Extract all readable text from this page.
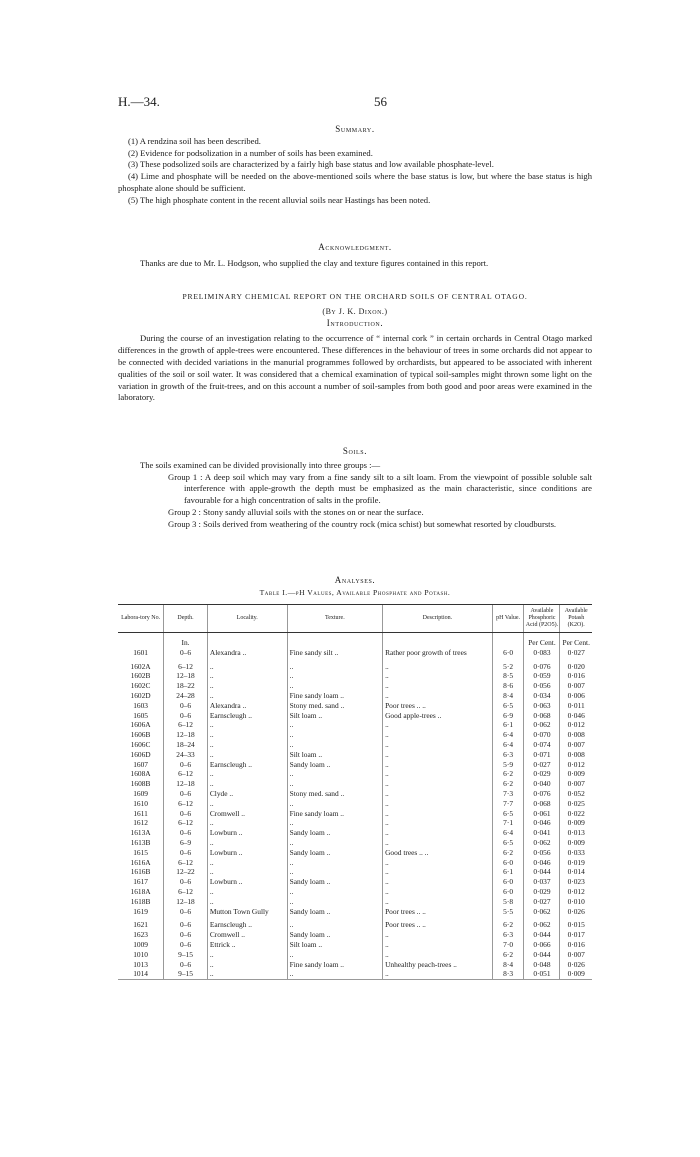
H.—34.	56
Summary.
(1) A rendzina soil has been described.
(2) Evidence for podsolization in a number of soils has been examined.
(3) These podsolized soils are characterized by a fairly high base status and low available phosphate-level.
(4) Lime and phosphate will be needed on the above-mentioned soils where the base status is low, but where the base status is high phosphate alone should be sufficient.
(5) The high phosphate content in the recent alluvial soils near Hastings has been noted.
Acknowledgment.

Thanks are due to Mr. L. Hodgson, who supplied the clay and texture figures contained in this report.

PRELIMINARY CHEMICAL REPORT ON THE ORCHARD SOILS OF CENTRAL OTAGO.
(By J. K. Dixon.)
Introduction.

During the course of an investigation relating to the occurrence of “ internal cork ” in certain orchards in Central Otago marked differences in the growth of apple-trees were encountered. These differences in the behaviour of trees in some orchards did not appear to be connected with decided variations in the manurial programmes followed by orchardists, but appeared to be associated with inherent qualities of the soil or soil water. It was considered that a chemical examination of typical soil-samples might thrown some light on the variation in growth of the fruit-trees, and on this account a number of soil-samples from both good and poor areas were examined in the laboratory.

Soils.

The soils examined can be divided provisionally into three groups :—

Group 1 : A deep soil which may vary from a fine sandy silt to a silt loam. From the viewpoint of possible soluble salt interference with apple-growth the depth must be emphasized as the main characteristic, since conditions are favourable for a high concentration of salts in the profile.
Group 2 : Stony sandy alluvial soils with the stones on or near the surface.
Group 3 : Soils derived from weathering of the country rock (mica schist) but somewhat resorted by cloudbursts.
Analyses.
Table I.—pH Values, Available Phosphate and Potash.
Labora-tory No.	Depth.	Locality.	Texture.	Description.	pH Value.	Available Phosphoric Acid (P2O5).	Available Potash (K2O).
	In.					Per Cent.	Per Cent.
1601	0–6	Alexandra ..	Fine sandy silt ..	Rather poor growth of trees	6·0	0·083	0·027
1602A	6–12	..	..	..	5·2	0·076	0·020
1602B	12–18	..	..	..	8·5	0·059	0·016
1602C	18–22	..	..	..	8·6	0·056	0·007
1602D	24–28	..	Fine sandy loam ..	..	8·4	0·034	0·006
1603	0–6	Alexandra ..	Stony med. sand ..	Poor trees .. ..	6·5	0·063	0·011
1605	0–6	Earnscleugh ..	Silt loam ..	Good apple-trees ..	6·9	0·068	0·046
1606A	6–12	..	..	..	6·1	0·062	0·012
1606B	12–18	..	..	..	6·4	0·070	0·008
1606C	18–24	..	..	..	6·4	0·074	0·007
1606D	24–33	..	Silt loam ..	..	6·3	0·071	0·008
1607	0–6	Earnscleugh ..	Sandy loam ..	..	5·9	0·027	0·012
1608A	6–12	..	..	..	6·2	0·029	0·009
1608B	12–18	..	..	..	6·2	0·040	0·007
1609	0–6	Clyde ..	Stony med. sand ..	..	7·3	0·076	0·052
1610	6–12	..	..	..	7·7	0·068	0·025
1611	0–6	Cromwell ..	Fine sandy loam ..	..	6·5	0·061	0·022
1612	6–12	..	..	..	7·1	0·046	0·009
1613A	0–6	Lowburn ..	Sandy loam ..	..	6·4	0·041	0·013
1613B	6–9	..	..	..	6·5	0·062	0·009
1615	0–6	Lowburn ..	Sandy loam ..	Good trees .. ..	6·2	0·056	0·033
1616A	6–12	..	..	..	6·0	0·046	0·019
1616B	12–22	..	..	..	6·1	0·044	0·014
1617	0–6	Lowburn ..	Sandy loam ..	..	6·0	0·037	0·023
1618A	6–12	..	..	..	6·0	0·029	0·012
1618B	12–18	..	..	..	5·8	0·027	0·010
1619	0–6	Mutton Town Gully	Sandy loam ..	Poor trees .. ..	5·5	0·062	0·026
1621	0–6	Earnscleugh ..	..	Poor trees .. ..	6·2	0·062	0·015
1623	0–6	Cromwell ..	Sandy loam ..	..	6·3	0·044	0·017
1009	0–6	Ettrick ..	Silt loam ..	..	7·0	0·066	0·016
1010	9–15	..	..	..	6·2	0·044	0·007
1013	0–6	..	Fine sandy loam ..	Unhealthy peach-trees ..	8·4	0·048	0·026
1014	9–15	..	..	..	8·3	0·051	0·009
